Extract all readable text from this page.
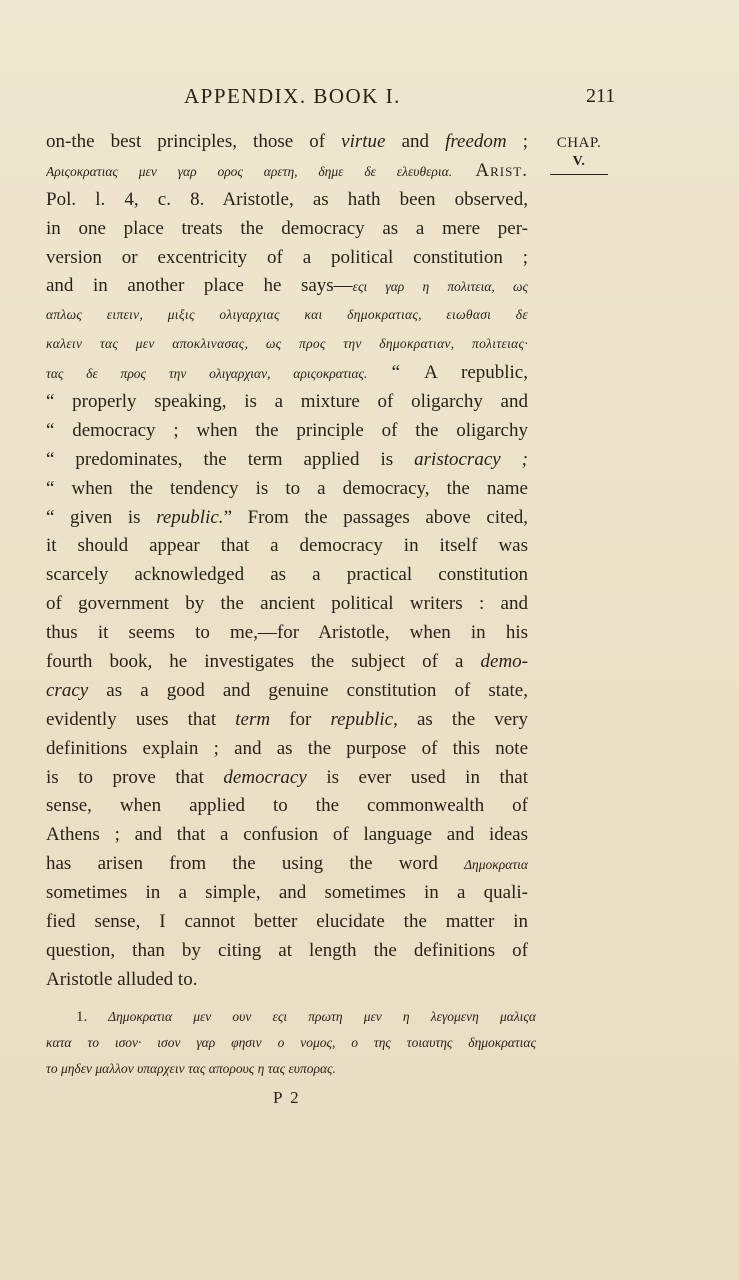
APPENDIX. BOOK I.	211
CHAP.
V.
on-the best principles, those of virtue and freedom ;
Αριςοκρατιας μεν γαρ ορος αρετη, δημε δε ελευθερια. Arist.
Pol. l. 4, c. 8. Aristotle, as hath been observed,
in one place treats the democracy as a mere per-
version or excentricity of a political constitution ;
and in another place he says—εςι γαρ η πολιτεια, ως
απλως ειπειν, μιξις ολιγαρχιας και δημοκρατιας, ειωθασι δε
καλειν τας μεν αποκλινασας, ως προς την δημοκρατιαν, πολιτειας·
τας δε προς την ολιγαρχιαν, αριςοκρατιας. “ A republic,
“ properly speaking, is a mixture of oligarchy and
“ democracy ; when the principle of the oligarchy
“ predominates, the term applied is aristocracy ;
“ when the tendency is to a democracy, the name
“ given is republic.” From the passages above cited,
it should appear that a democracy in itself was
scarcely acknowledged as a practical constitution
of government by the ancient political writers : and
thus it seems to me,—for Aristotle, when in his
fourth book, he investigates the subject of a demo-
cracy as a good and genuine constitution of state,
evidently uses that term for republic, as the very
definitions explain ; and as the purpose of this note
is to prove that democracy is ever used in that
sense, when applied to the commonwealth of
Athens ; and that a confusion of language and ideas
has arisen from the using the word Δημοκρατια
sometimes in a simple, and sometimes in a quali-
fied sense, I cannot better elucidate the matter in
question, than by citing at length the definitions of
Aristotle alluded to.
1. Δημοκρατια μεν ουν εςι πρωτη μεν η λεγομενη μαλιςα
κατα το ισον· ισον γαρ φησιν ο νομος, ο της τοιαυτης δημοκρατιας
το μηδεν μαλλον υπαρχειν τας απορους η τας ευπορας.
P 2
